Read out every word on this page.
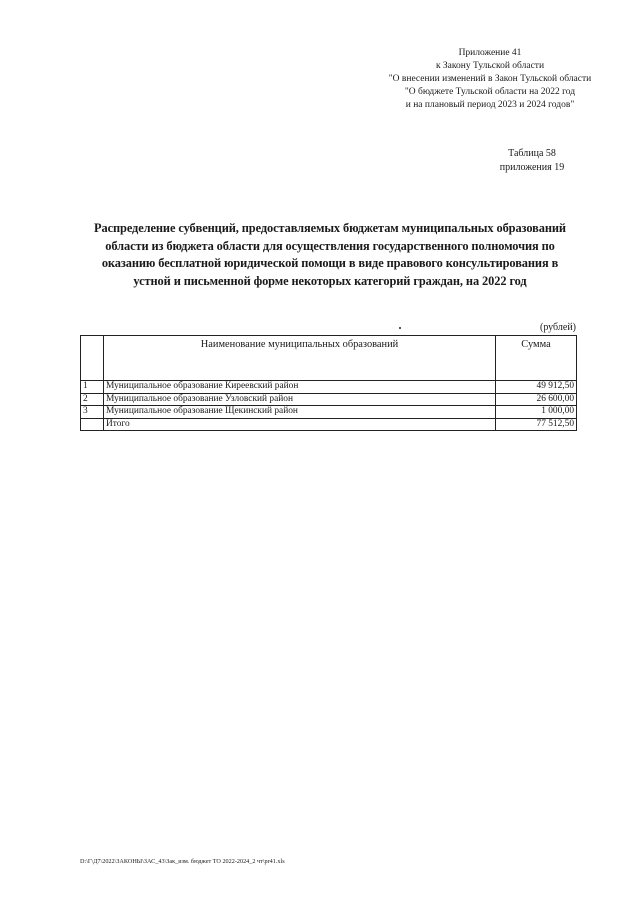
Приложение 41
к Закону Тульской области
"О внесении изменений в Закон Тульской области
"О бюджете Тульской области на 2022 год
и на плановый период 2023 и 2024 годов"
Таблица 58
приложения 19
Распределение субвенций, предоставляемых бюджетам муниципальных образований
области из бюджета области для осуществления государственного полномочия по
оказанию бесплатной юридической помощи в виде правового консультирования в
устной и письменной форме некоторых категорий граждан, на 2022 год
(рублей)
	Наименование муниципальных образований	Сумма
1	Муниципальное образование Киреевский район	49 912,50
2	Муниципальное образование Узловский район	26 600,00
3	Муниципальное образование Щекинский район	1 000,00
	Итого	77 512,50
D:\Г\Д7\2022\ЗАКОНЫ\ЗАС_43\Зак_изм. бюджет ТО 2022-2024_2 чт\pr41.xls
